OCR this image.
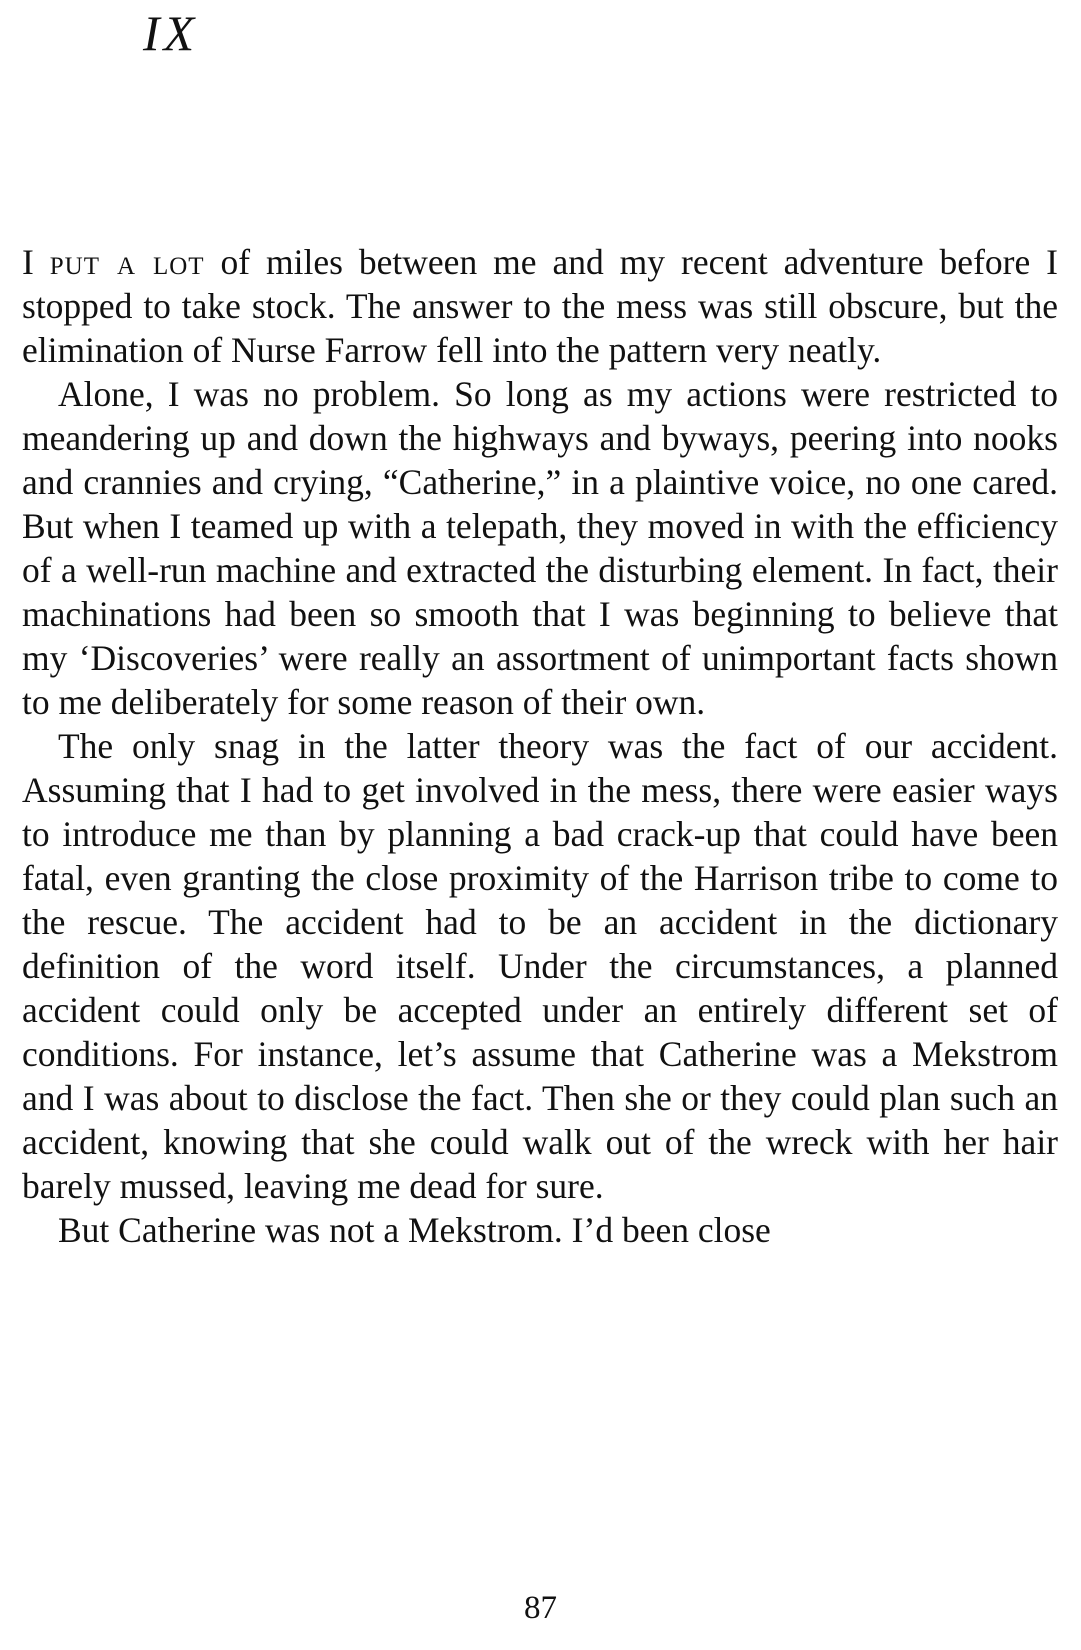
IX

I put a lot of miles between me and my recent adventure before I stopped to take stock. The answer to the mess was still obscure, but the elimination of Nurse Farrow fell into the pattern very neatly.

Alone, I was no problem. So long as my actions were restricted to meandering up and down the highways and byways, peering into nooks and crannies and crying, “Catherine,” in a plaintive voice, no one cared. But when I teamed up with a telepath, they moved in with the efficiency of a well-run machine and extracted the disturbing element. In fact, their machinations had been so smooth that I was beginning to believe that my ‘Discoveries’ were really an assortment of unimportant facts shown to me deliberately for some reason of their own.

The only snag in the latter theory was the fact of our accident. Assuming that I had to get involved in the mess, there were easier ways to introduce me than by planning a bad crack-up that could have been fatal, even granting the close proximity of the Harrison tribe to come to the rescue. The accident had to be an accident in the dictionary definition of the word itself. Under the circumstances, a planned accident could only be accepted under an entirely different set of conditions. For instance, let’s assume that Catherine was a Mekstrom and I was about to disclose the fact. Then she or they could plan such an accident, knowing that she could walk out of the wreck with her hair barely mussed, leaving me dead for sure.

But Catherine was not a Mekstrom. I’d been close

87
